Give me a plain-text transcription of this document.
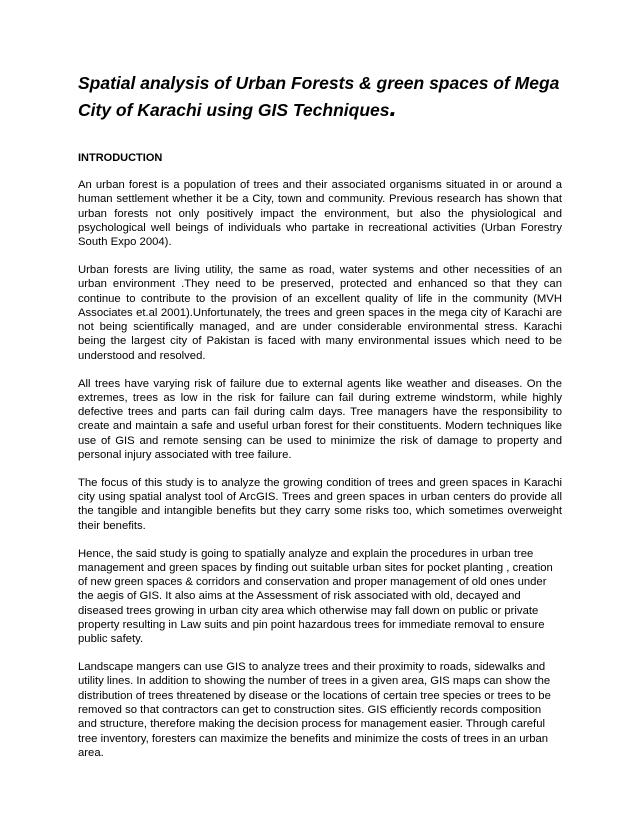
Spatial analysis of Urban Forests & green spaces of Mega City of Karachi using GIS Techniques.
INTRODUCTION

An urban forest is a population of trees and their associated organisms situated in or around a human settlement whether it be a City, town and community. Previous research has shown that urban forests not only positively impact the environment, but also the physiological and psychological well beings of individuals who partake in recreational activities (Urban Forestry South Expo 2004).

Urban forests are living utility, the same as road, water systems and other necessities of an urban environment .They need to be preserved, protected and enhanced so that they can continue to contribute to the provision of an excellent quality of life in the community (MVH Associates et.al 2001).Unfortunately, the trees and green spaces in the mega city of Karachi are not being scientifically managed, and are under considerable environmental stress. Karachi being the largest city of Pakistan is faced with many environmental issues which need to be understood and resolved.

All trees have varying risk of failure due to external agents like weather and diseases. On the extremes, trees as low in the risk for failure can fail during extreme windstorm, while highly defective trees and parts can fail during calm days. Tree managers have the responsibility to create and maintain a safe and useful urban forest for their constituents. Modern techniques like use of GIS and remote sensing can be used to minimize the risk of damage to property and personal injury associated with tree failure.

The focus of this study is to analyze the growing condition of trees and green spaces in Karachi city using spatial analyst tool of ArcGIS. Trees and green spaces in urban centers do provide all the tangible and intangible benefits but they carry some risks too, which sometimes overweight their benefits.

Hence, the said study is going to spatially analyze and explain the procedures in urban tree management and green spaces by finding out suitable urban sites for pocket planting , creation of new green spaces & corridors and conservation and proper management of old ones under the aegis of GIS. It also aims at the Assessment of risk associated with old, decayed and diseased trees growing in urban city area which otherwise may fall down on public or private property resulting in Law suits and pin point hazardous trees for immediate removal to ensure public safety.

Landscape mangers can use GIS to analyze trees and their proximity to roads, sidewalks and utility lines. In addition to showing the number of trees in a given area, GIS maps can show the distribution of trees threatened by disease or the locations of certain tree species or trees to be removed so that contractors can get to construction sites. GIS efficiently records composition and structure, therefore making the decision process for management easier. Through careful tree inventory, foresters can maximize the benefits and minimize the costs of trees in an urban area.
